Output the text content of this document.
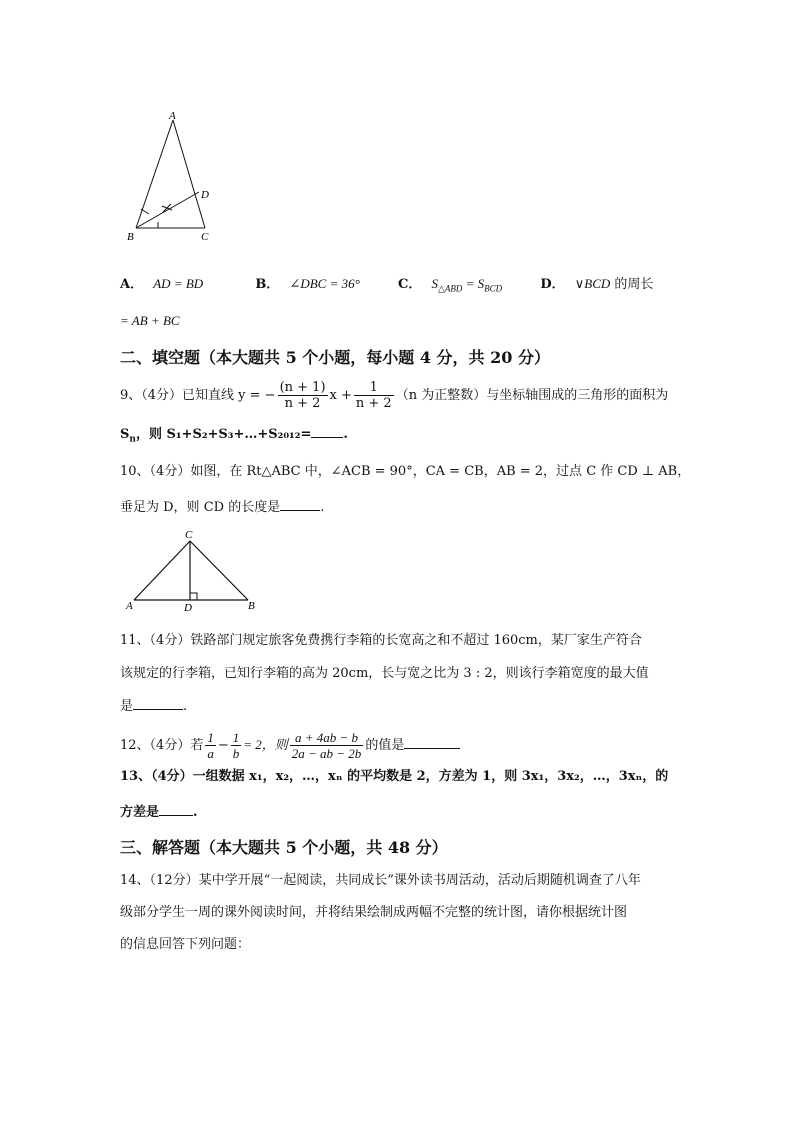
A
B	C
D
A． AD = BD	B． ∠DBC = 36°	C． $S_{\triangle ABD} = S_{BCD}$	D． ∨BCD 的周长
= AB + BC
二、填空题（本大题共 5 个小题，每小题 4 分，共 20 分）
9、（4分）已知直线 y = − $\frac{(n + 1)}{n + 2}$ $x + \frac{1}{n + 2} (n$ 为正整数）与坐标轴围成的三角形的面积为
$S_n$，则 S₁+S₂+S₃+…+S₂₀₁₂= .
10、（4分）如图，在 Rt△ABC 中，∠ACB = 90°，CA = CB，AB = 2，过点 C 作 CD ⊥ AB，
垂足为 D，则 CD 的长度是	.
C
A	D	B
11、（4分）铁路部门规定旅客免费携行李箱的长宽高之和不超过 160cm，某厂家生产符合
该规定的行李箱，已知行李箱的高为 20cm，长与宽之比为 3 : 2，则该行李箱宽度的最大值
是	.
12、（4分）若 $\frac{1}{a} - \frac{1}{b} = 2$，则 $\frac{a + 4ab - b}{2a - ab - 2b}$ 的值是
13、（4分）一组数据 x₁，x₂，…，xₙ 的平均数是 2，方差为 1，则 3x₁，3x₂，…，3xₙ，的
方差是	.
三、解答题（本大题共 5 个小题，共 48 分）
14、（12分）某中学开展“一起阅读，共同成长”课外读书周活动，活动后期随机调查了八年
级部分学生一周的课外阅读时间，并将结果绘制成两幅不完整的统计图，请你根据统计图
的信息回答下列问题：
